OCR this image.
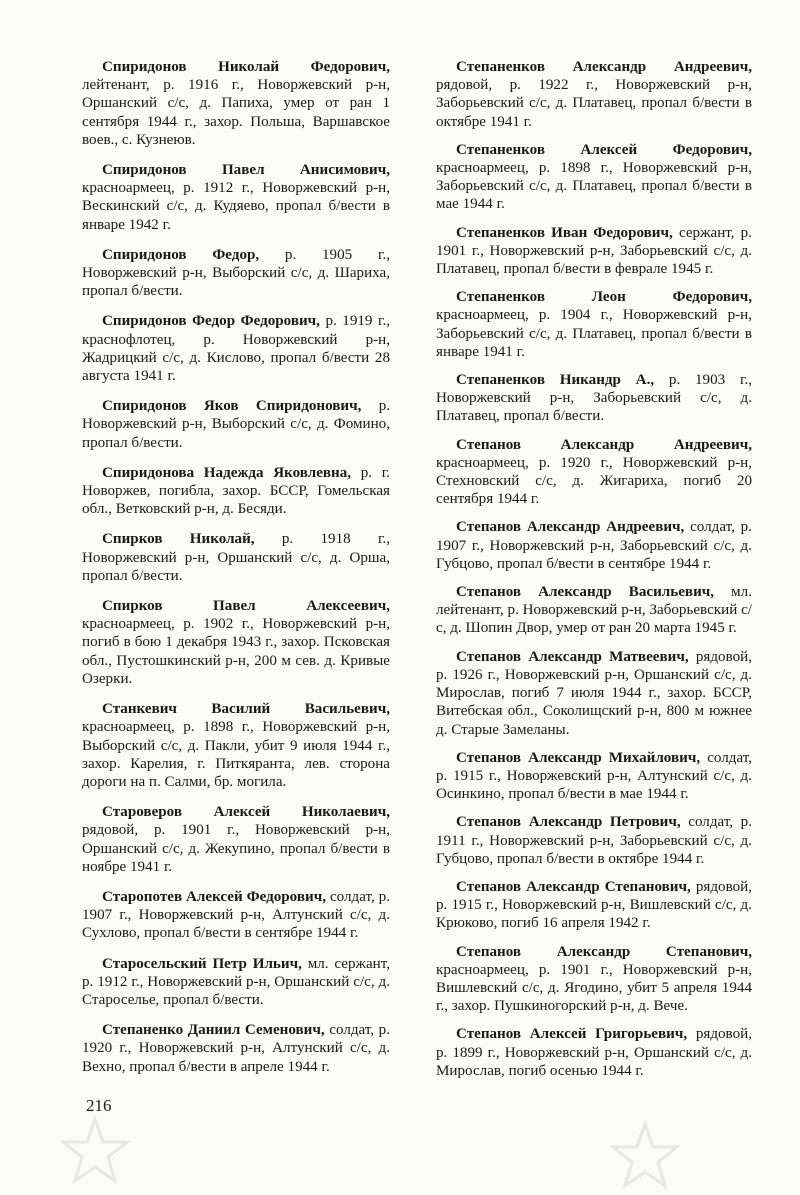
Спиридонов Николай Федорович, лейтенант, р. 1916 г., Новоржевский р-н, Оршанский с/с, д. Папиха, умер от ран 1 сентября 1944 г., захор. Польша, Варшавское воев., с. Кузнеюв.

Спиридонов Павел Анисимович, красноармеец, р. 1912 г., Новоржевский р-н, Вескинский с/с, д. Кудяево, пропал б/вести в январе 1942 г.

Спиридонов Федор, р. 1905 г., Новоржевский р-н, Выборский с/с, д. Шариха, пропал б/вести.

Спиридонов Федор Федорович, р. 1919 г., краснофлотец, р. Новоржевский р-н, Жадрицкий с/с, д. Кислово, пропал б/вести 28 августа 1941 г.

Спиридонов Яков Спиридонович, р. Новоржевский р-н, Выборский с/с, д. Фомино, пропал б/вести.

Спиридонова Надежда Яковлевна, р. г. Новоржев, погибла, захор. БССР, Гомельская обл., Ветковский р-н, д. Бесяди.

Спирков Николай, р. 1918 г., Новоржевский р-н, Оршанский с/с, д. Орша, пропал б/вести.

Спирков Павел Алексеевич, красноармеец, р. 1902 г., Новоржевский р-н, погиб в бою 1 декабря 1943 г., захор. Псковская обл., Пустошкинский р-н, 200 м сев. д. Кривые Озерки.

Станкевич Василий Васильевич, красноармеец, р. 1898 г., Новоржевский р-н, Выборский с/с, д. Пакли, убит 9 июля 1944 г., захор. Карелия, г. Питкяранта, лев. сторона дороги на п. Салми, бр. могила.

Староверов Алексей Николаевич, рядовой, р. 1901 г., Новоржевский р-н, Оршанский с/с, д. Жекупино, пропал б/вести в ноябре 1941 г.

Старопотев Алексей Федорович, солдат, р. 1907 г., Новоржевский р-н, Алтунский с/с, д. Сухлово, пропал б/вести в сентябре 1944 г.

Старосельский Петр Ильич, мл. сержант, р. 1912 г., Новоржевский р-н, Оршанский с/с, д. Староселье, пропал б/вести.

Степаненко Даниил Семенович, солдат, р. 1920 г., Новоржевский р-н, Алтунский с/с, д. Вехно, пропал б/вести в апреле 1944 г.

Степаненков Александр Андреевич, рядовой, р. 1922 г., Новоржевский р-н, Заборьевский с/с, д. Платавец, пропал б/вести в октябре 1941 г.

Степаненков Алексей Федорович, красноармеец, р. 1898 г., Новоржевский р-н, Заборьевский с/с, д. Платавец, пропал б/вести в мае 1944 г.

Степаненков Иван Федорович, сержант, р. 1901 г., Новоржевский р-н, Заборьевский с/с, д. Платавец, пропал б/вести в феврале 1945 г.

Степаненков Леон Федорович, красноармеец, р. 1904 г., Новоржевский р-н, Заборьевский с/с, д. Платавец, пропал б/вести в январе 1941 г.

Степаненков Никандр А., р. 1903 г., Новоржевский р-н, Заборьевский с/с, д. Платавец, пропал б/вести.

Степанов Александр Андреевич, красноармеец, р. 1920 г., Новоржевский р-н, Стехновский с/с, д. Жигариха, погиб 20 сентября 1944 г.

Степанов Александр Андреевич, солдат, р. 1907 г., Новоржевский р-н, Заборьевский с/с, д. Губцово, пропал б/вести в сентябре 1944 г.

Степанов Александр Васильевич, мл. лейтенант, р. Новоржевский р-н, Заборьевский с/с, д. Шопин Двор, умер от ран 20 марта 1945 г.

Степанов Александр Матвеевич, рядовой, р. 1926 г., Новоржевский р-н, Оршанский с/с, д. Мирослав, погиб 7 июля 1944 г., захор. БССР, Витебская обл., Соколищский р-н, 800 м южнее д. Старые Замеланы.

Степанов Александр Михайлович, солдат, р. 1915 г., Новоржевский р-н, Алтунский с/с, д. Осинкино, пропал б/вести в мае 1944 г.

Степанов Александр Петрович, солдат, р. 1911 г., Новоржевский р-н, Заборьевский с/с, д. Губцово, пропал б/вести в октябре 1944 г.

Степанов Александр Степанович, рядовой, р. 1915 г., Новоржевский р-н, Вишлевский с/с, д. Крюково, погиб 16 апреля 1942 г.

Степанов Александр Степанович, красноармеец, р. 1901 г., Новоржевский р-н, Вишлевский с/с, д. Ягодино, убит 5 апреля 1944 г., захор. Пушкиногорский р-н, д. Вече.

Степанов Алексей Григорьевич, рядовой, р. 1899 г., Новоржевский р-н, Оршанский с/с, д. Мирослав, погиб осенью 1944 г.

216
